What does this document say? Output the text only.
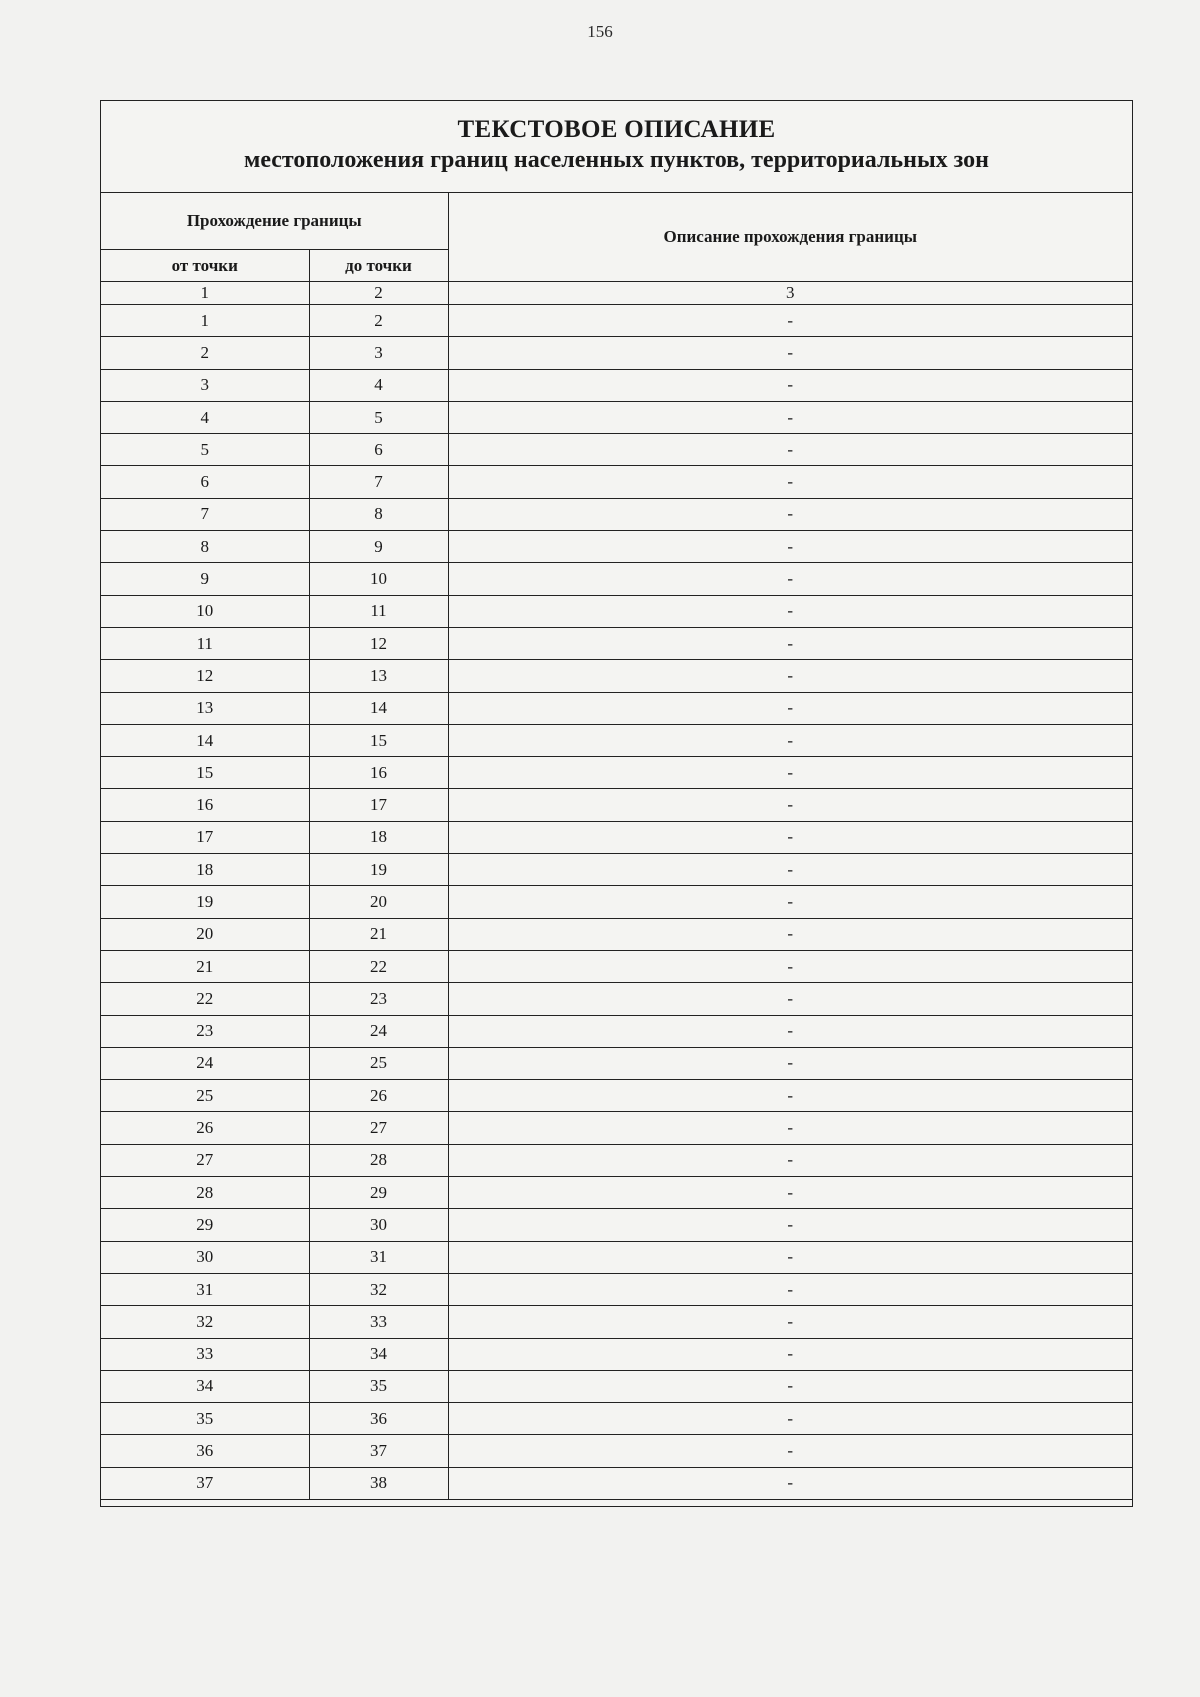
156
ТЕКСТОВОЕ ОПИСАНИЕ
местоположения границ населенных пунктов, территориальных зон
Прохождение границы		Описание прохождения границы
от точки	до точки	
1	2	3
1	2	-
2	3	-
3	4	-
4	5	-
5	6	-
6	7	-
7	8	-
8	9	-
9	10	-
10	11	-
11	12	-
12	13	-
13	14	-
14	15	-
15	16	-
16	17	-
17	18	-
18	19	-
19	20	-
20	21	-
21	22	-
22	23	-
23	24	-
24	25	-
25	26	-
26	27	-
27	28	-
28	29	-
29	30	-
30	31	-
31	32	-
32	33	-
33	34	-
34	35	-
35	36	-
36	37	-
37	38	-
